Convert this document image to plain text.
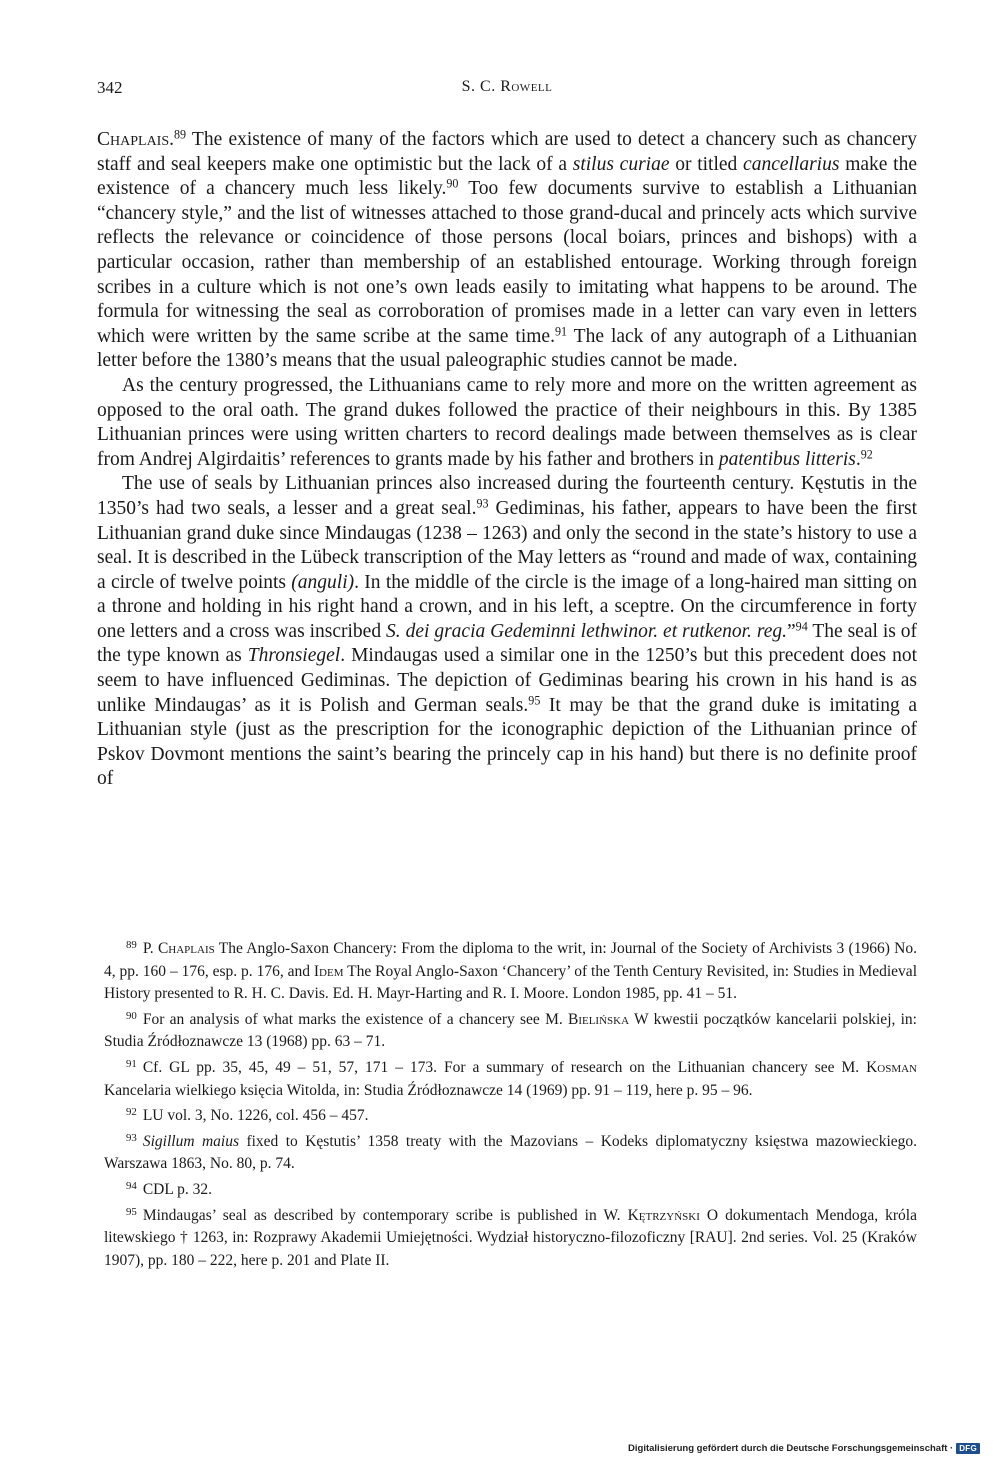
342	S. C. Rowell

Chaplais.$^{89}$ The existence of many of the factors which are used to detect a chancery such as chancery staff and seal keepers make one optimistic but the lack of a stilus curiae or titled cancellarius make the existence of a chancery much less likely.$^{90}$ Too few documents survive to establish a Lithuanian “chancery style,” and the list of witnesses attached to those grand-ducal and princely acts which survive reflects the relevance or coincidence of those persons (local boiars, princes and bishops) with a particular occasion, rather than membership of an established entourage. Working through foreign scribes in a culture which is not one’s own leads easily to imitating what happens to be around. The formula for witnessing the seal as corroboration of promises made in a letter can vary even in letters which were written by the same scribe at the same time.$^{91}$ The lack of any autograph of a Lithuanian letter before the 1380’s means that the usual paleographic studies cannot be made.

As the century progressed, the Lithuanians came to rely more and more on the written agreement as opposed to the oral oath. The grand dukes followed the practice of their neighbours in this. By 1385 Lithuanian princes were using written charters to record dealings made between themselves as is clear from Andrej Algirdaitis’ references to grants made by his father and brothers in patentibus litteris.$^{92}$

The use of seals by Lithuanian princes also increased during the fourteenth century. Kęstutis in the 1350’s had two seals, a lesser and a great seal.$^{93}$ Gediminas, his father, appears to have been the first Lithuanian grand duke since Mindaugas (1238 – 1263) and only the second in the state’s history to use a seal. It is described in the Lübeck transcription of the May letters as “round and made of wax, containing a circle of twelve points (anguli). In the middle of the circle is the image of a long-haired man sitting on a throne and holding in his right hand a crown, and in his left, a sceptre. On the circumference in forty one letters and a cross was inscribed S. dei gracia Gedeminni lethwinor. et rutkenor. reg.”$^{94}$ The seal is of the type known as Thronsiegel. Mindaugas used a similar one in the 1250’s but this precedent does not seem to have influenced Gediminas. The depiction of Gediminas bearing his crown in his hand is as unlike Mindaugas’ as it is Polish and German seals.$^{95}$ It may be that the grand duke is imitating a Lithuanian style (just as the prescription for the iconographic depiction of the Lithuanian prince of Pskov Dovmont mentions the saint’s bearing the princely cap in his hand) but there is no definite proof of

$^{89}$ P. Chaplais The Anglo-Saxon Chancery: From the diploma to the writ, in: Journal of the Society of Archivists 3 (1966) No. 4, pp. 160 – 176, esp. p. 176, and Idem The Royal Anglo-Saxon ‘Chancery’ of the Tenth Century Revisited, in: Studies in Medieval History presented to R. H. C. Davis. Ed. H. Mayr-Harting and R. I. Moore. London 1985, pp. 41 – 51.

$^{90}$ For an analysis of what marks the existence of a chancery see M. Bielińska W kwestii początków kancelarii polskiej, in: Studia Źródłoznawcze 13 (1968) pp. 63 – 71.

$^{91}$ Cf. GL pp. 35, 45, 49 – 51, 57, 171 – 173. For a summary of research on the Lithuanian chancery see M. Kosman Kancelaria wielkiego księcia Witolda, in: Studia Źródłoznawcze 14 (1969) pp. 91 – 119, here p. 95 – 96.

$^{92}$ LU vol. 3, No. 1226, col. 456 – 457.

$^{93}$ Sigillum maius fixed to Kęstutis’ 1358 treaty with the Mazovians – Kodeks diplomatyczny księstwa mazowieckiego. Warszawa 1863, No. 80, p. 74.

$^{94}$ CDL p. 32.

$^{95}$ Mindaugas’ seal as described by contemporary scribe is published in W. Kętrzyński O dokumentach Mendoga, króla litewskiego † 1263, in: Rozprawy Akademii Umiejętności. Wydział historyczno-filozoficzny [RAU]. 2nd series. Vol. 25 (Kraków 1907), pp. 180 – 222, here p. 201 and Plate II.

Digitalisierung gefördert durch die Deutsche Forschungsgemeinschaft · DFG
